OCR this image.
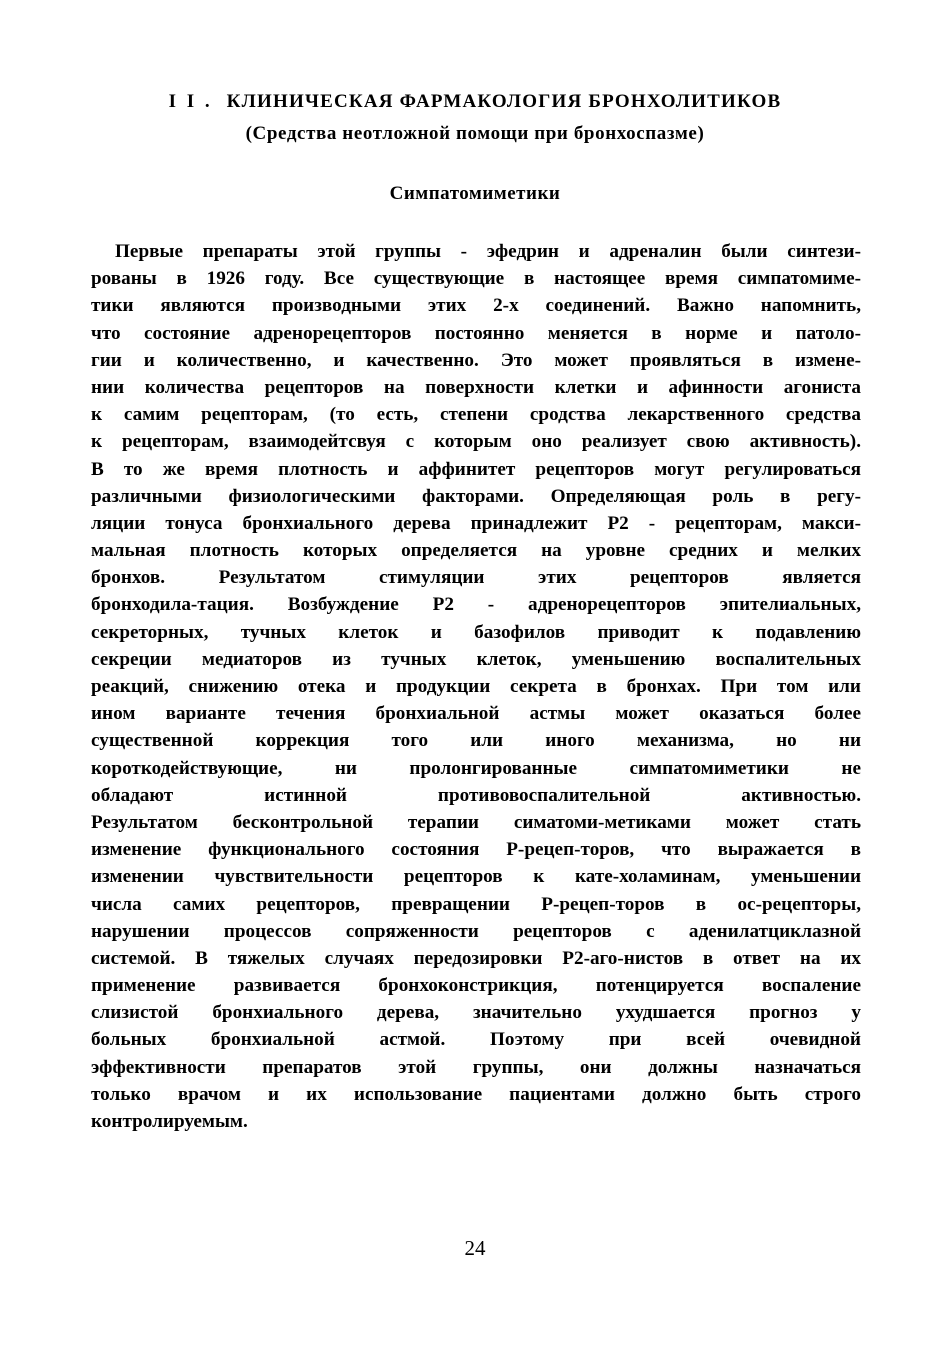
I I . КЛИНИЧЕСКАЯ ФАРМАКОЛОГИЯ БРОНХОЛИТИКОВ
(Средства неотложной помощи при бронхоспазме)
Симпатомиметики
Первые препараты этой группы - эфедрин и адреналин были синтези-
рованы в 1926 году. Все существующие в настоящее время симпатомиме-
тики являются производными этих 2-х соединений. Важно напомнить,
что состояние адренорецепторов постоянно меняется в норме и патоло-
гии и количественно, и качественно. Это может проявляться в измене-
нии количества рецепторов на поверхности клетки и афинности агониста
к самим рецепторам, (то есть, степени сродства лекарственного средства
к рецепторам, взаимодейтсвуя с которым оно реализует свою активность).
В то же время плотность и аффинитет рецепторов могут регулироваться
различными физиологическими факторами. Определяющая роль в регу-
ляции тонуса бронхиального дерева принадлежит Р2 - рецепторам, макси-
мальная плотность которых определяется на уровне средних и мелких
бронхов. Результатом стимуляции этих рецепторов является
бронходила-тация. Возбуждение Р2 - адренорецепторов эпителиальных,
секреторных, тучных клеток и базофилов приводит к подавлению
секреции медиаторов из тучных клеток, уменьшению воспалительных
реакций, снижению отека и продукции секрета в бронхах. При том или
ином варианте течения бронхиальной астмы может оказаться более
существенной коррекция того или иного механизма, но ни
короткодействующие, ни пролонгированные симпатомиметики не
обладают истинной противовоспалительной активностью.
Результатом бесконтрольной терапии симатоми-метиками может стать
изменение функционального состояния Р-рецеп-торов, что выражается в
изменении чувствительности рецепторов к кате-холаминам, уменьшении
числа самих рецепторов, превращении Р-рецеп-торов в ос-рецепторы,
нарушении процессов сопряженности рецепторов с аденилатциклазной
системой. В тяжелых случаях передозировки Р2-аго-нистов в ответ на их
применение развивается бронхоконстрикция, потенцируется воспаление
слизистой бронхиального дерева, значительно ухудшается прогноз у
больных бронхиальной астмой. Поэтому при всей очевидной
эффективности препаратов этой группы, они должны назначаться
только врачом и их использование пациентами должно быть строго
контролируемым.

24
